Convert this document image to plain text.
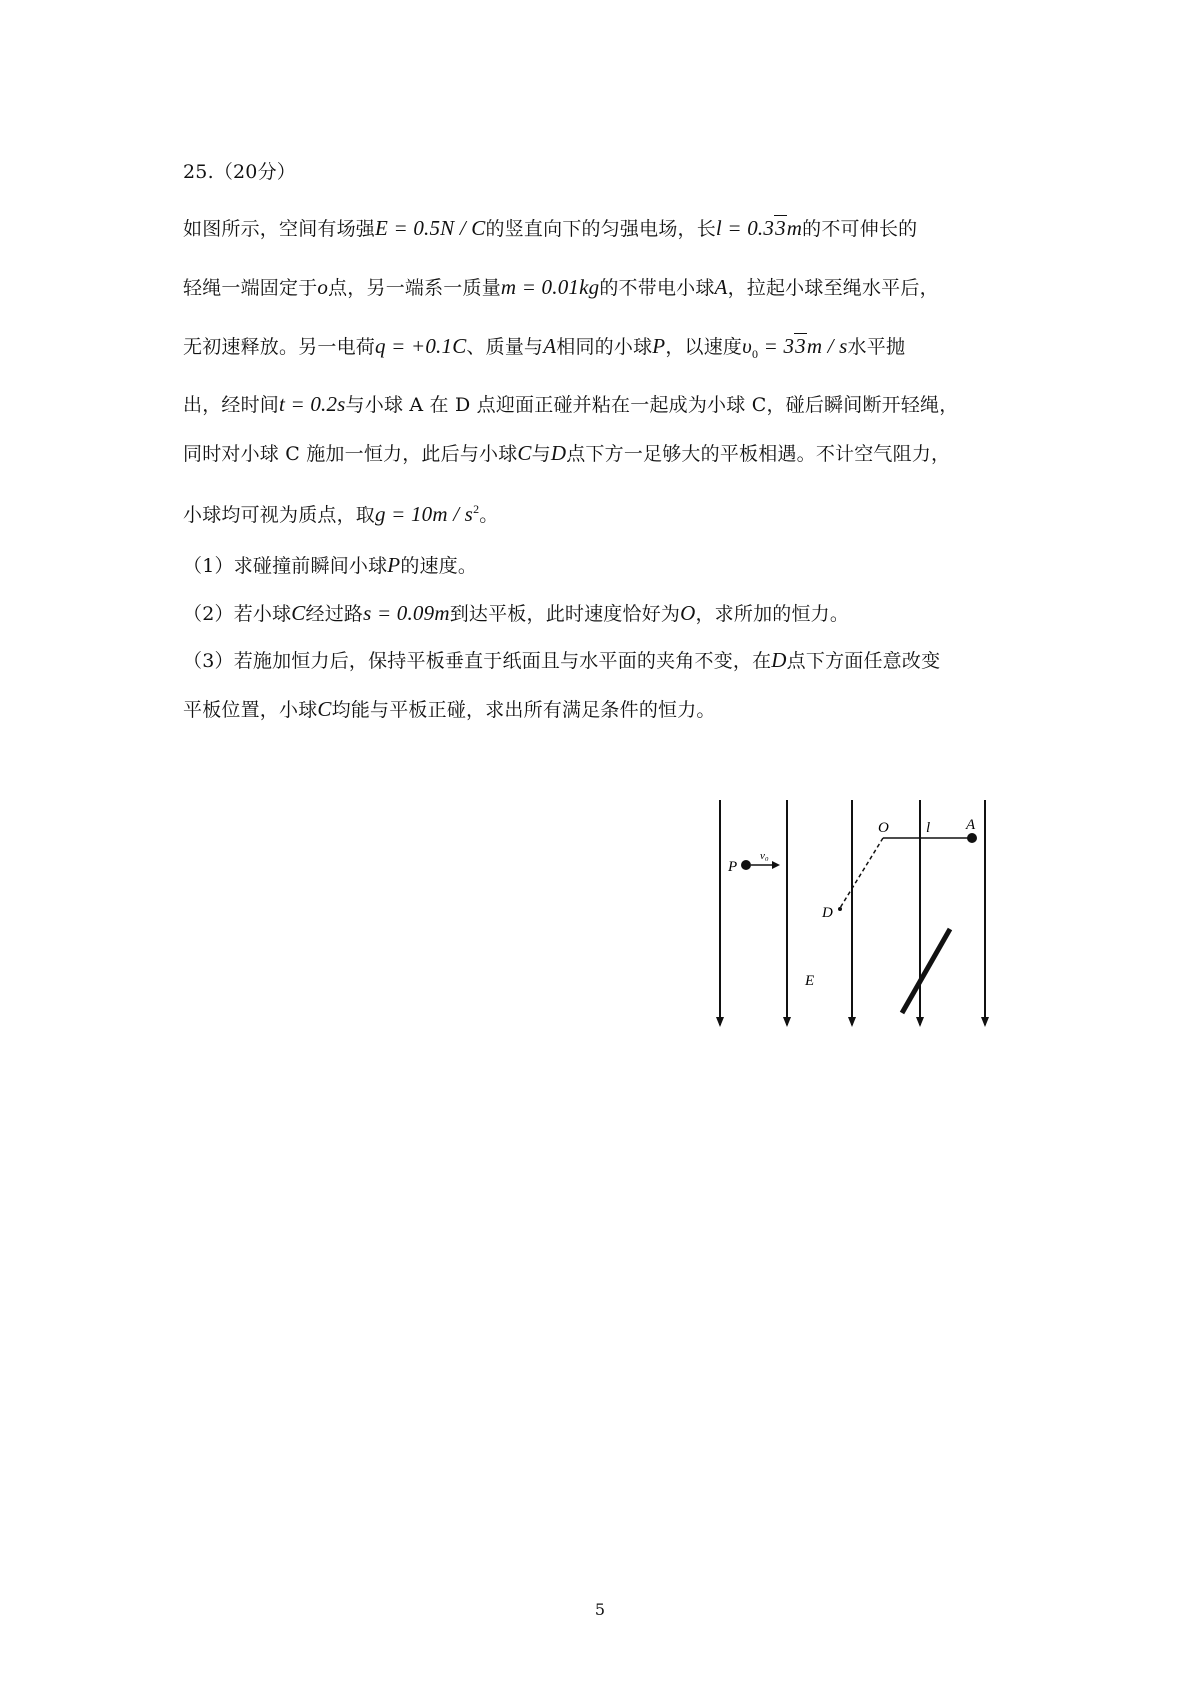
25.（20分）
如图所示，空间有场强E = 0.5N / C的竖直向下的匀强电场，长l = 0.33m的不可伸长的
轻绳一端固定于o点，另一端系一质量m = 0.01kg的不带电小球A，拉起小球至绳水平后，
无初速释放。另一电荷q = +0.1C、质量与A相同的小球P，以速度$\upsilon_0 = 33m / s$水平抛
出，经时间t = 0.2s与小球 A 在 D 点迎面正碰并粘在一起成为小球 C，碰后瞬间断开轻绳，
同时对小球 C 施加一恒力，此后与小球C与D点下方一足够大的平板相遇。不计空气阻力，
小球均可视为质点，取$g = 10m / s^2$。
（1）求碰撞前瞬间小球P的速度。
（2）若小球C经过路s = 0.09m到达平板，此时速度恰好为O，求所加的恒力。
（3）若施加恒力后，保持平板垂直于纸面且与水平面的夹角不变，在D点下方面任意改变
平板位置，小球C均能与平板正碰，求出所有满足条件的恒力。
P
v₀
O l A
D
E
5
